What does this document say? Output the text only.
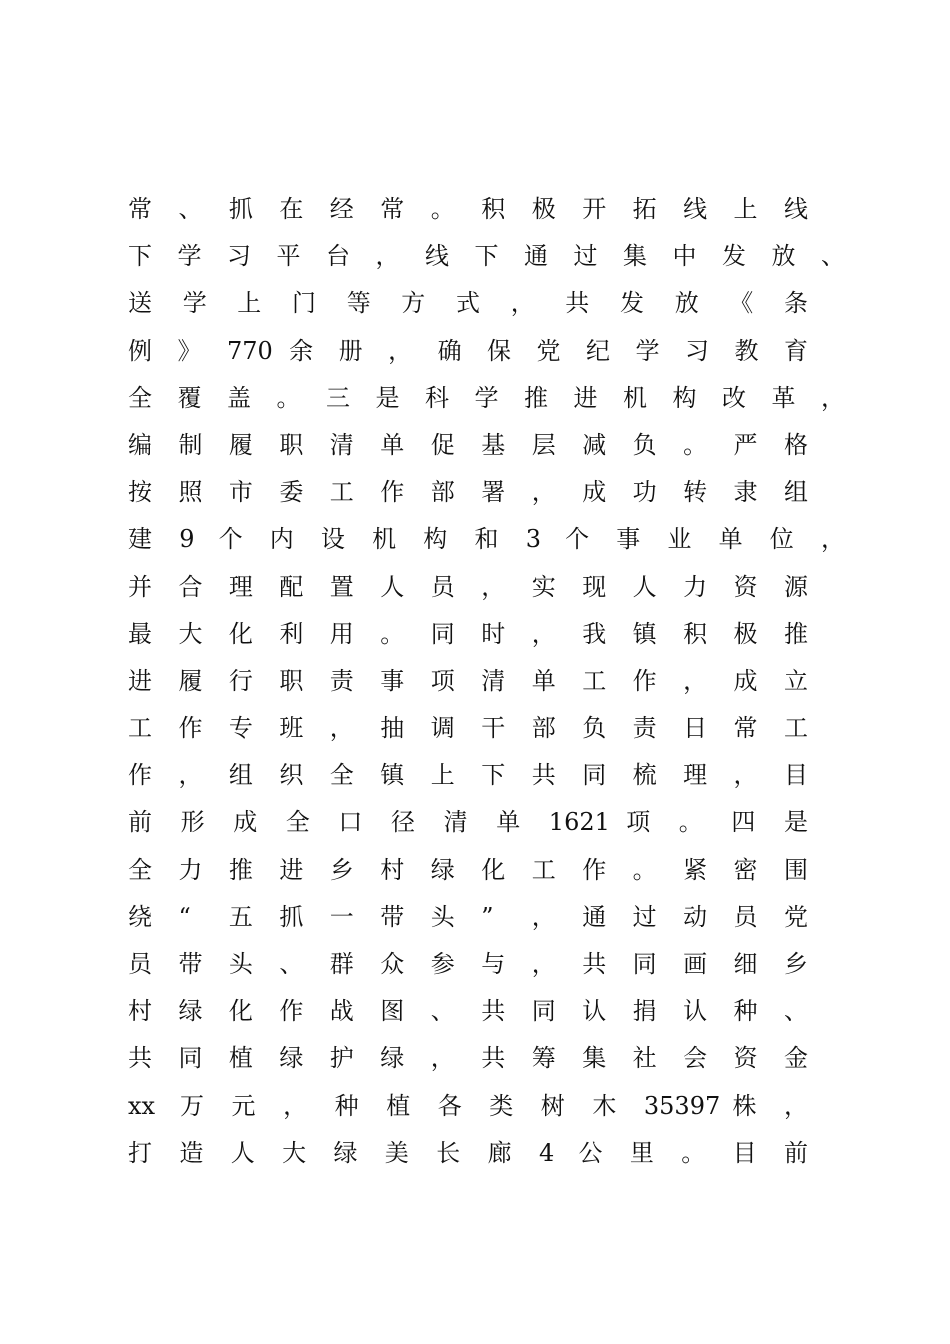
常 、 抓 在 经 常 。 积 极 开 拓 线 上 线
下 学 习 平 台 ， 线 下 通 过 集 中 发 放 、
送 学 上 门 等 方 式 ， 共 发 放 《 条
例 》 770 余 册 ， 确 保 党 纪 学 习 教 育
全 覆 盖 。 三 是 科 学 推 进 机 构 改 革 ，
编 制 履 职 清 单 促 基 层 减 负 。 严 格
按 照 市 委 工 作 部 署 ， 成 功 转 隶 组
建 9 个 内 设 机 构 和 3 个 事 业 单 位 ，
并 合 理 配 置 人 员 ， 实 现 人 力 资 源
最 大 化 利 用 。 同 时 ， 我 镇 积 极 推
进 履 行 职 责 事 项 清 单 工 作 ， 成 立
工 作 专 班 ， 抽 调 干 部 负 责 日 常 工
作 ， 组 织 全 镇 上 下 共 同 梳 理 ， 目
前 形 成 全 口 径 清 单 1621 项 。 四 是
全 力 推 进 乡 村 绿 化 工 作 。 紧 密 围
绕 “ 五 抓 一 带 头 ” ， 通 过 动 员 党
员 带 头 、 群 众 参 与 ， 共 同 画 细 乡
村 绿 化 作 战 图 、 共 同 认 捐 认 种 、
共 同 植 绿 护 绿 ， 共 筹 集 社 会 资 金
xx 万 元 ， 种 植 各 类 树 木 35397 株 ，
打 造 人 大 绿 美 长 廊 4 公 里 。 目 前
